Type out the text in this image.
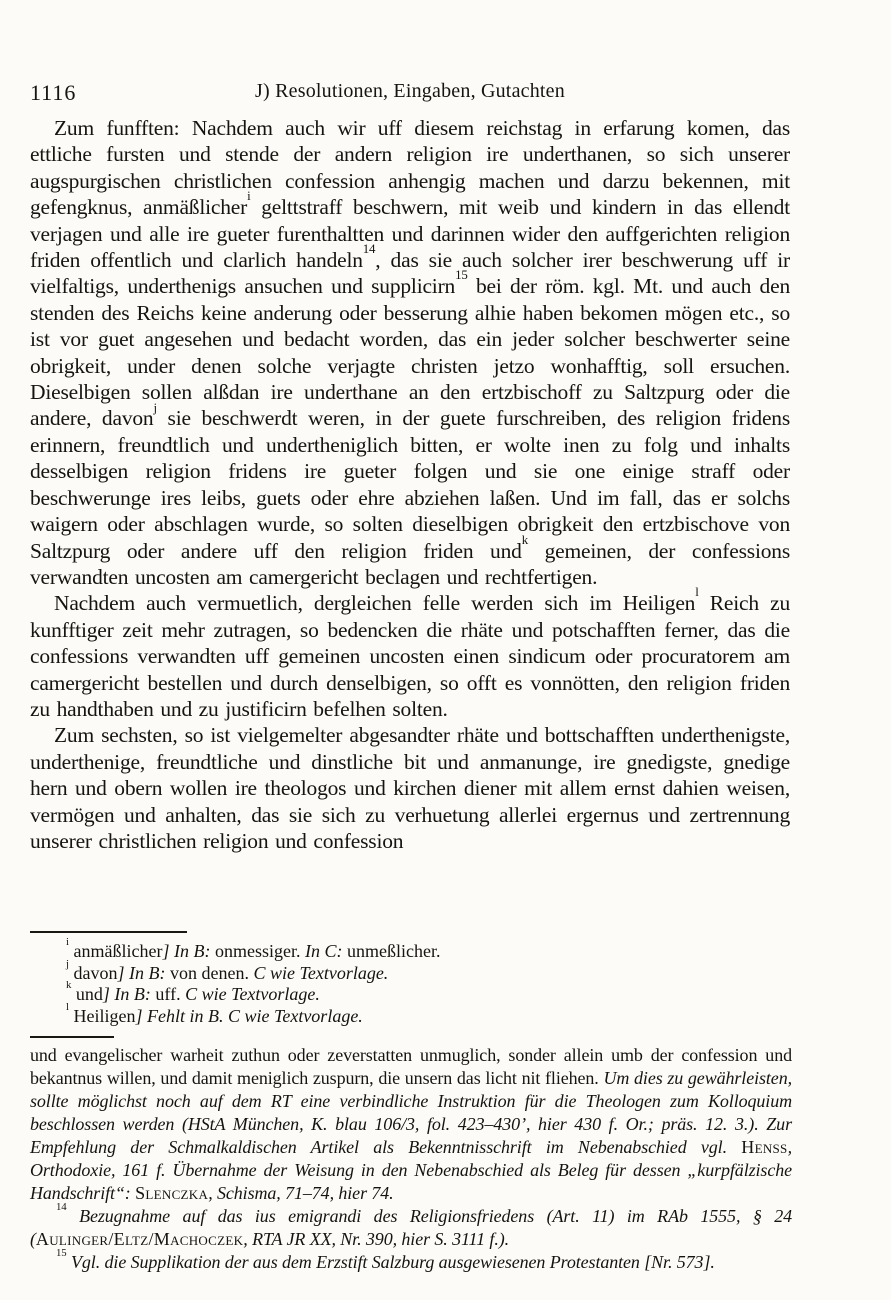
1116	J) Resolutionen, Eingaben, Gutachten

Zum funfften: Nachdem auch wir uff diesem reichstag in erfarung komen, das ettliche fursten und stende der andern religion ire underthanen, so sich unserer augspurgischen christlichen confession anhengig machen und darzu bekennen, mit gefengknus, anmäßlicher$^i$ gelttstraff beschwern, mit weib und kindern in das ellendt verjagen und alle ire gueter furenthaltten und darinnen wider den auffgerichten religion friden offentlich und clarlich handeln$^{14}$, das sie auch solcher irer beschwerung uff ir vielfaltigs, underthenigs ansuchen und supplicirn$^{15}$ bei der röm. kgl. Mt. und auch den stenden des Reichs keine anderung oder besserung alhie haben bekomen mögen etc., so ist vor guet angesehen und bedacht worden, das ein jeder solcher beschwerter seine obrigkeit, under denen solche verjagte christen jetzo wonhafftig, soll ersuchen. Dieselbigen sollen alßdan ire underthane an den ertzbischoff zu Saltzpurg oder die andere, davon$^j$ sie beschwerdt weren, in der guete furschreiben, des religion fridens erinnern, freundtlich und undertheniglich bitten, er wolte inen zu folg und inhalts desselbigen religion fridens ire gueter folgen und sie one einige straff oder beschwerunge ires leibs, guets oder ehre abziehen laßen. Und im fall, das er solchs waigern oder abschlagen wurde, so solten dieselbigen obrigkeit den ertzbischove von Saltzpurg oder andere uff den religion friden und$^k$ gemeinen, der confessions verwandten uncosten am camergericht beclagen und rechtfertigen.

Nachdem auch vermuetlich, dergleichen felle werden sich im Heiligen$^l$ Reich zu kunfftiger zeit mehr zutragen, so bedencken die rhäte und potschafften ferner, das die confessions verwandten uff gemeinen uncosten einen sindicum oder procuratorem am camergericht bestellen und durch denselbigen, so offt es vonnötten, den religion friden zu handthaben und zu justificirn befelhen solten.

Zum sechsten, so ist vielgemelter abgesandter rhäte und bottschafften underthenigste, underthenige, freundtliche und dinstliche bit und anmanunge, ire gnedigste, gnedige hern und obern wollen ire theologos und kirchen diener mit allem ernst dahien weisen, vermögen und anhalten, das sie sich zu verhuetung allerlei ergernus und zertrennung unserer christlichen religion und confession

$^i$ anmäßlicher] In B: onmessiger. In C: unmeßlicher.

$^j$ davon] In B: von denen. C wie Textvorlage.

$^k$ und] In B: uff. C wie Textvorlage.

$^l$ Heiligen] Fehlt in B. C wie Textvorlage.

und evangelischer warheit zuthun oder zeverstatten unmuglich, sonder allein umb der confession und bekantnus willen, und damit meniglich zuspurn, die unsern das licht nit fliehen. Um dies zu gewährleisten, sollte möglichst noch auf dem RT eine verbindliche Instruktion für die Theologen zum Kolloquium beschlossen werden (HStA München, K. blau 106/3, fol. 423–430’, hier 430 f. Or.; präs. 12. 3.). Zur Empfehlung der Schmalkaldischen Artikel als Bekenntnisschrift im Nebenabschied vgl. Henss, Orthodoxie, 161 f. Übernahme der Weisung in den Nebenabschied als Beleg für dessen „kurpfälzische Handschrift“: Slenczka, Schisma, 71–74, hier 74.

$^{14}$ Bezugnahme auf das ius emigrandi des Religionsfriedens (Art. 11) im RAb 1555, § 24 (Aulinger/Eltz/Machoczek, RTA JR XX, Nr. 390, hier S. 3111 f.).

$^{15}$ Vgl. die Supplikation der aus dem Erzstift Salzburg ausgewiesenen Protestanten [Nr. 573].
